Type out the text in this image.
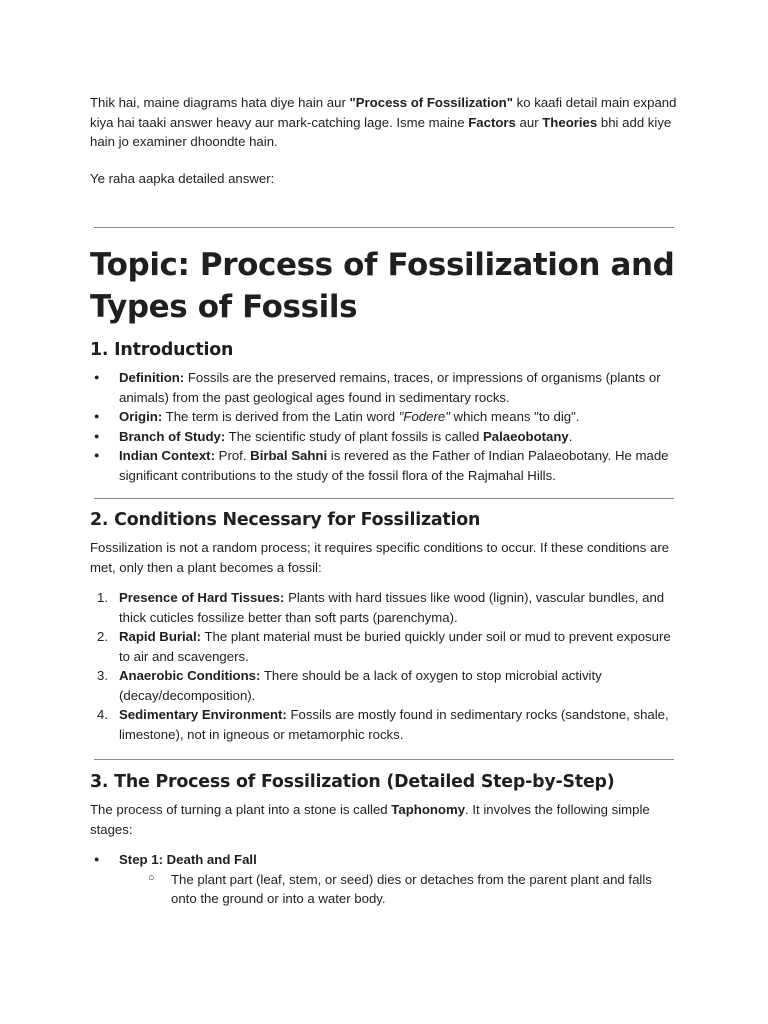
Thik hai, maine diagrams hata diye hain aur "Process of Fossilization" ko kaafi detail main expand kiya hai taaki answer heavy aur mark-catching lage. Isme maine Factors aur Theories bhi add kiye hain jo examiner dhoondte hain.

Ye raha aapka detailed answer:

Topic: Process of Fossilization and Types of Fossils
1. Introduction
● Definition: Fossils are the preserved remains, traces, or impressions of organisms (plants or animals) from the past geological ages found in sedimentary rocks.
● Origin: The term is derived from the Latin word "Fodere" which means "to dig".
● Branch of Study: The scientific study of plant fossils is called Palaeobotany.
● Indian Context: Prof. Birbal Sahni is revered as the Father of Indian Palaeobotany. He made significant contributions to the study of the fossil flora of the Rajmahal Hills.
2. Conditions Necessary for Fossilization

Fossilization is not a random process; it requires specific conditions to occur. If these conditions are met, only then a plant becomes a fossil:

1. Presence of Hard Tissues: Plants with hard tissues like wood (lignin), vascular bundles, and thick cuticles fossilize better than soft parts (parenchyma).
2. Rapid Burial: The plant material must be buried quickly under soil or mud to prevent exposure to air and scavengers.
3. Anaerobic Conditions: There should be a lack of oxygen to stop microbial activity (decay/decomposition).
4. Sedimentary Environment: Fossils are mostly found in sedimentary rocks (sandstone, shale, limestone), not in igneous or metamorphic rocks.
3. The Process of Fossilization (Detailed Step-by-Step)

The process of turning a plant into a stone is called Taphonomy. It involves the following simple stages:

● Step 1: Death and Fall
○ The plant part (leaf, stem, or seed) dies or detaches from the parent plant and falls onto the ground or into a water body.
